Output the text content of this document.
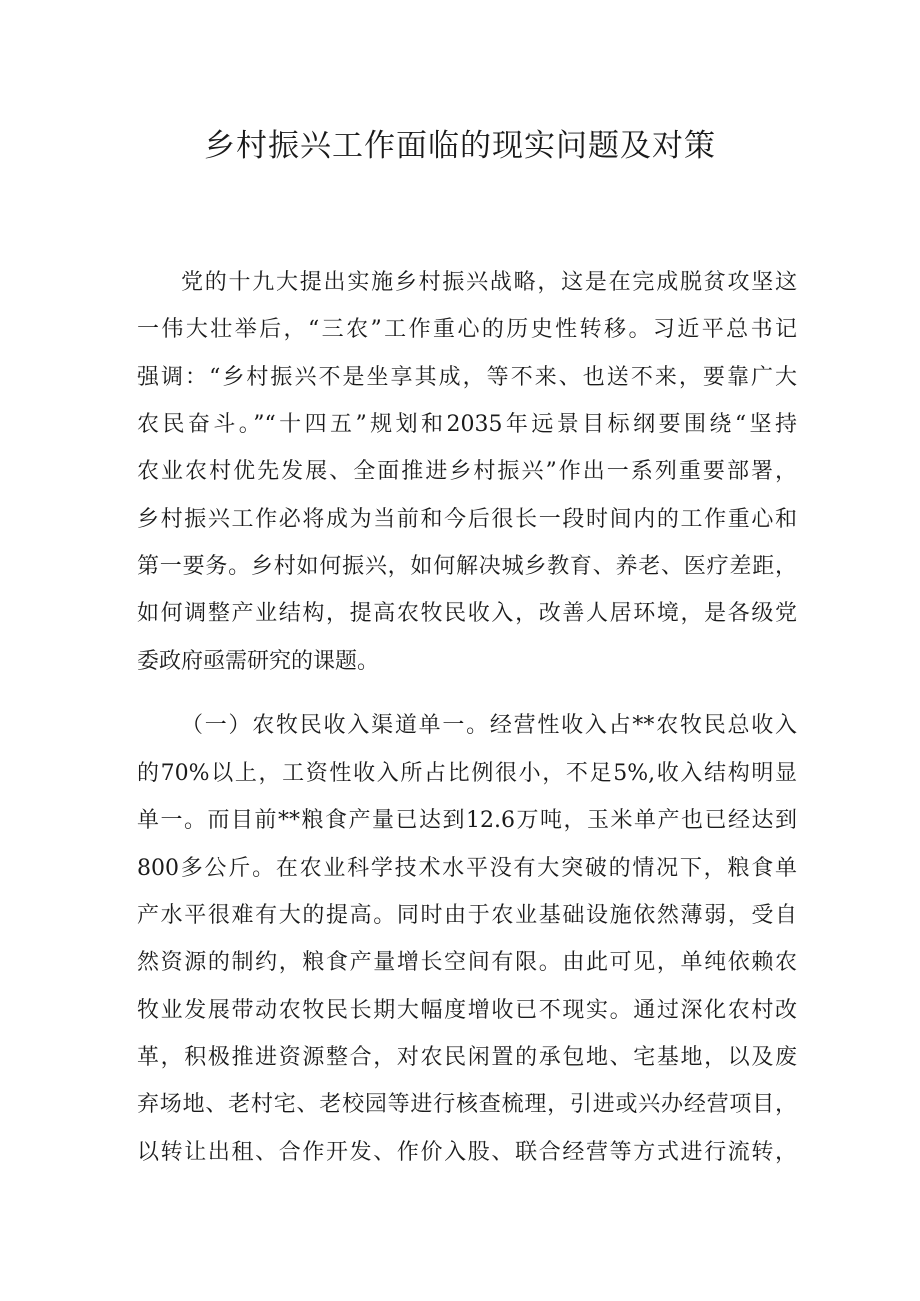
乡村振兴工作面临的现实问题及对策
党的十九大提出实施乡村振兴战略，这是在完成脱贫攻坚这
一伟大壮举后，“三农”工作重心的历史性转移。习近平总书记
强调：“乡村振兴不是坐享其成，等不来、也送不来，要靠广大
农民奋斗。”“十四五”规划和2035年远景目标纲要围绕“坚持
农业农村优先发展、全面推进乡村振兴”作出一系列重要部署，
乡村振兴工作必将成为当前和今后很长一段时间内的工作重心和
第一要务。乡村如何振兴，如何解决城乡教育、养老、医疗差距，
如何调整产业结构，提高农牧民收入，改善人居环境，是各级党
委政府亟需研究的课题。
（一）农牧民收入渠道单一。经营性收入占**农牧民总收入
的70%以上，工资性收入所占比例很小，不足5%,收入结构明显
单一。而目前**粮食产量已达到12.6万吨，玉米单产也已经达到
800多公斤。在农业科学技术水平没有大突破的情况下，粮食单
产水平很难有大的提高。同时由于农业基础设施依然薄弱，受自
然资源的制约，粮食产量增长空间有限。由此可见，单纯依赖农
牧业发展带动农牧民长期大幅度增收已不现实。通过深化农村改
革，积极推进资源整合，对农民闲置的承包地、宅基地，以及废
弃场地、老村宅、老校园等进行核查梳理，引进或兴办经营项目，
以转让出租、合作开发、作价入股、联合经营等方式进行流转，
